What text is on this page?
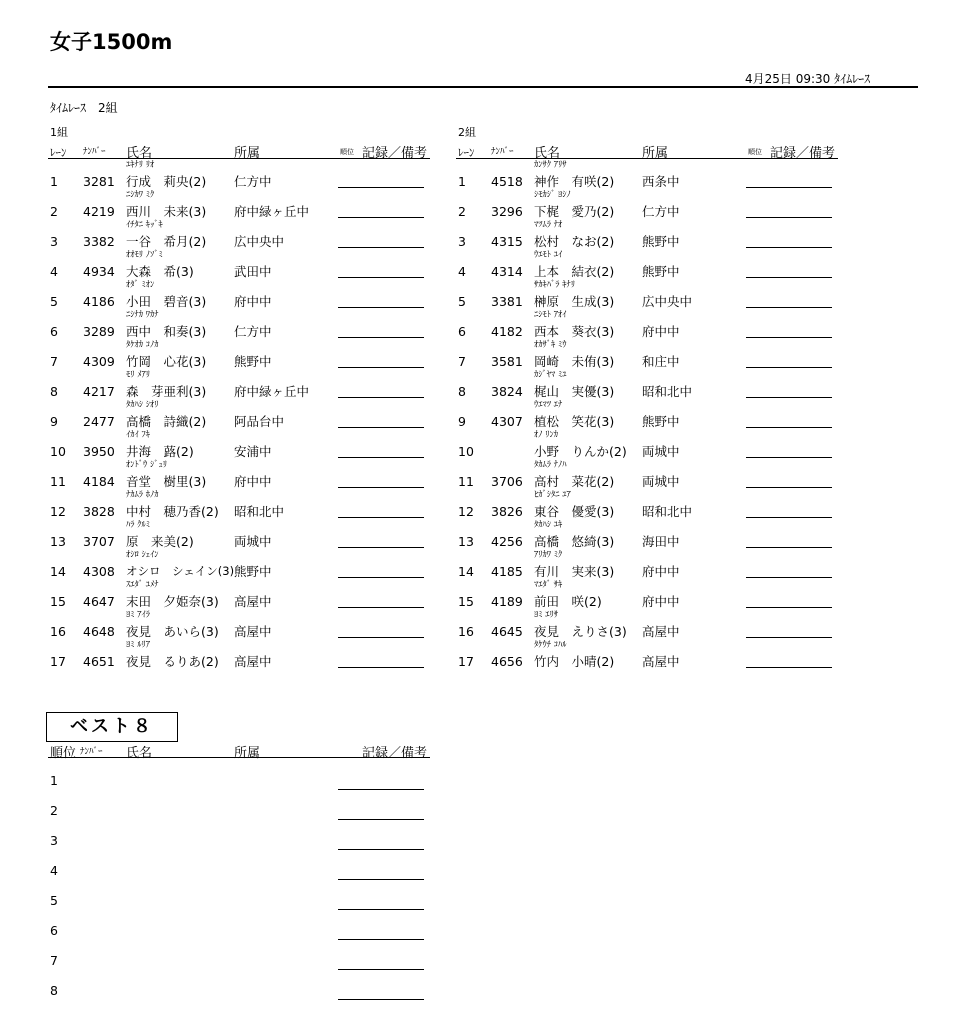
女子1500m
4月25日 09:30 ﾀｲﾑﾚｰｽ
ﾀｲﾑﾚｰｽ　2組
1組
ﾚｰﾝ ﾅﾝﾊﾞｰ 氏名	所属	順位 記録／備考
ﾕｷﾅﾘ ﾘｵ
1 3281 行成　莉央(2) 仁方中
ﾆｼｶﾜ ﾐｸ
2 4219 西川　未来(3) 府中緑ヶ丘中
ｲﾁﾀﾆ ｷｯﾞｷ
3 3382 一谷　希月(2) 広中央中
ｵｵﾓﾘ ﾉｿﾞﾐ
4 4934 大森　希(3)	武田中
ｵﾀﾞ ﾐｵﾝ
5 4186 小田　碧音(3) 府中中
ﾆｼﾅｶ ﾜｶﾅ
6 3289 西中　和奏(3) 仁方中
ﾀｹｵｶ ｺﾉｶ
7 4309 竹岡　心花(3) 熊野中
ﾓﾘ ﾒｱﾘ
8 4217 森　芽亜利(3) 府中緑ヶ丘中
ﾀｶﾊｼ ｼｵﾘ
9 2477 高橋　詩織(2) 阿品台中
ｲｶｲ ﾌｷ
10 3950 井海　蕗(2)	安浦中
ｵﾝﾄﾞｳ ｼﾞｭﾘ
11 4184 音堂　樹里(3) 府中中
ﾅｶﾑﾗ ﾎﾉｶ
12 3828 中村　穂乃香(2) 昭和北中
ﾊﾗ ｸﾙﾐ
13 3707 原　来美(2)	両城中
ｵｼﾛ ｼｪｲﾝ
14 4308 オシロ　シェイン(3) 熊野中
ｽｴﾀﾞ ﾕﾒﾅ
15 4647 末田　夕姫奈(3) 高屋中
ﾖﾐ ｱｲﾗ
16 4648 夜見　あいら(3) 高屋中
ﾖﾐ ﾙﾘｱ
17 4651 夜見　るりあ(2) 高屋中
2組
ﾚｰﾝ ﾅﾝﾊﾞｰ 氏名	所属	順位 記録／備考
ｶﾝｻｸ ｱﾘｻ
1 4518 神作　有咲(2) 西条中
ｼﾓｶｼﾞ ﾖｼﾉ
2 3296 下梶　愛乃(2) 仁方中
ﾏﾂﾑﾗ ﾅｵ
3 4315 松村　なお(2) 熊野中
ｳｴﾓﾄ ﾕｲ
4 4314 上本　結衣(2) 熊野中
ｻｶｷﾊﾞﾗ ｷﾅﾘ
5 3381 榊原　生成(3) 広中央中
ﾆｼﾓﾄ ｱｵｲ
6 4182 西本　葵衣(3) 府中中
ｵｶｻﾞｷ ﾐｳ
7 3581 岡崎　未侑(3) 和庄中
ｶｼﾞﾔﾏ ﾐﾕ
8 3824 梶山　実優(3) 昭和北中
ｳｴﾏﾂ ｴﾅ
9 4307 植松　笑花(3) 熊野中
ｵﾉ ﾘﾝｶ
10	小野　りんか(2) 両城中
ﾀｶﾑﾗ ﾅﾉﾊ
11 3706 高村　菜花(2) 両城中
ﾋｶﾞｼﾀﾆ ﾕｱ
12 3826 東谷　優愛(3) 昭和北中
ﾀｶﾊｼ ﾕｷ
13 4256 高橋　悠綺(3) 海田中
ｱﾘｶﾜ ﾐｸ
14 4185 有川　実来(3) 府中中
ﾏｴﾀﾞ ｻｷ
15 4189 前田　咲(2)	府中中
ﾖﾐ ｴﾘｻ
16 4645 夜見　えりさ(3) 高屋中
ﾀｹｳﾁ ｺﾊﾙ
17 4656 竹内　小晴(2) 高屋中
ベスト８
順位 ﾅﾝﾊﾞｰ 氏名	所属	記録／備考
1
2
3
4
5
6
7
8
